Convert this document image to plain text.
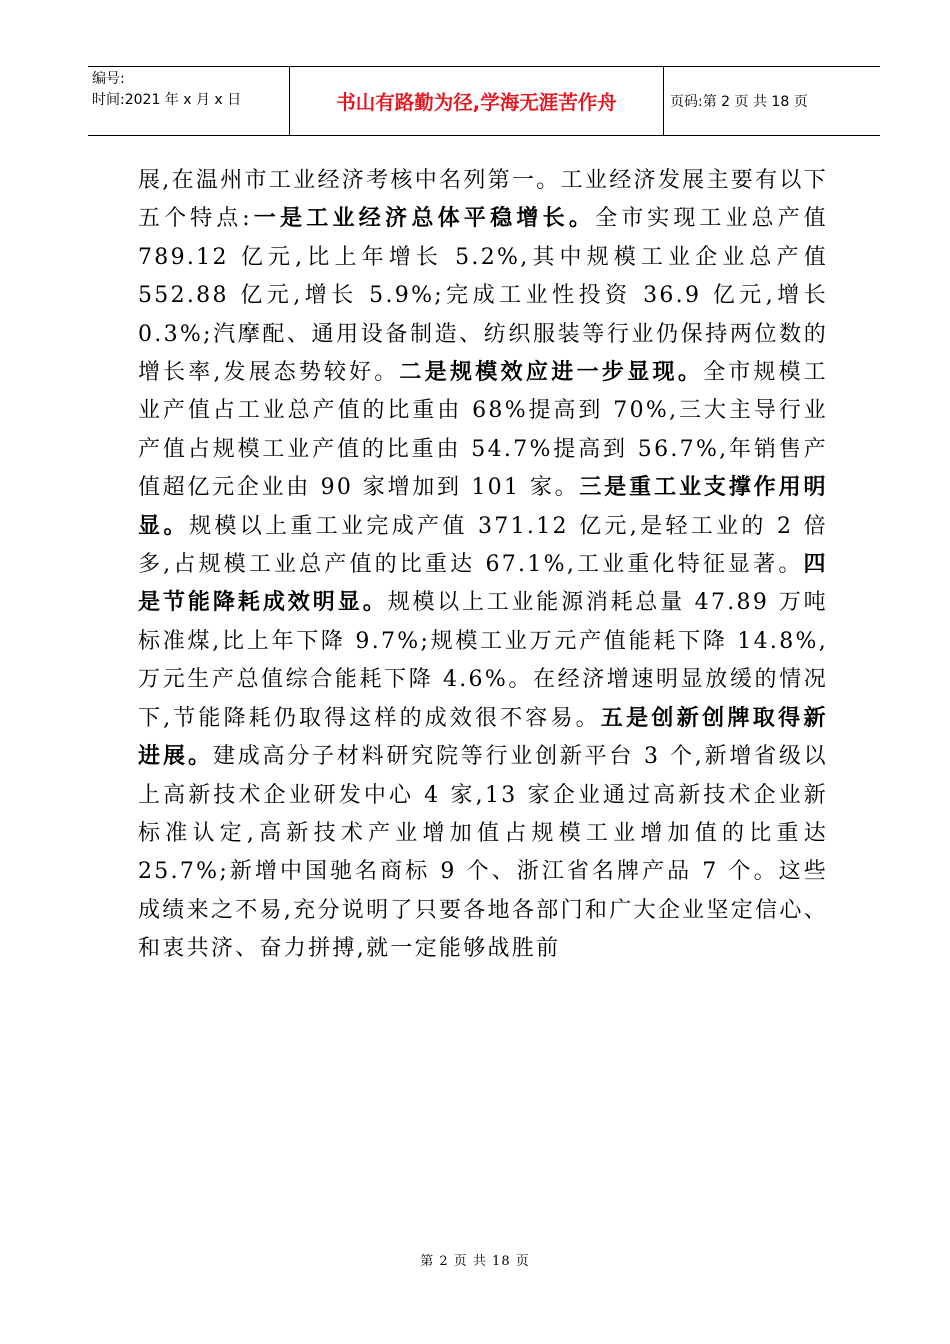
编号:
时间:2021 年 x 月 x 日	书山有路勤为径,学海无涯苦作舟	页码:第 2 页 共 18 页
展,在温州市工业经济考核中名列第一。工业经济发展主要有以下五个特点:一是工业经济总体平稳增长。全市实现工业总产值 789.12 亿元,比上年增长 5.2%,其中规模工业企业总产值 552.88 亿元,增长 5.9%;完成工业性投资 36.9 亿元,增长 0.3%;汽摩配、通用设备制造、纺织服装等行业仍保持两位数的增长率,发展态势较好。二是规模效应进一步显现。全市规模工业产值占工业总产值的比重由 68%提高到 70%,三大主导行业产值占规模工业产值的比重由 54.7%提高到 56.7%,年销售产值超亿元企业由 90 家增加到 101 家。三是重工业支撑作用明显。规模以上重工业完成产值 371.12 亿元,是轻工业的 2 倍多,占规模工业总产值的比重达 67.1%,工业重化特征显著。四是节能降耗成效明显。规模以上工业能源消耗总量 47.89 万吨标准煤,比上年下降 9.7%;规模工业万元产值能耗下降 14.8%,万元生产总值综合能耗下降 4.6%。在经济增速明显放缓的情况下,节能降耗仍取得这样的成效很不容易。五是创新创牌取得新进展。建成高分子材料研究院等行业创新平台 3 个,新增省级以上高新技术企业研发中心 4 家,13 家企业通过高新技术企业新标准认定,高新技术产业增加值占规模工业增加值的比重达 25.7%;新增中国驰名商标 9 个、浙江省名牌产品 7 个。这些成绩来之不易,充分说明了只要各地各部门和广大企业坚定信心、和衷共济、奋力拼搏,就一定能够战胜前
第 2 页 共 18 页
